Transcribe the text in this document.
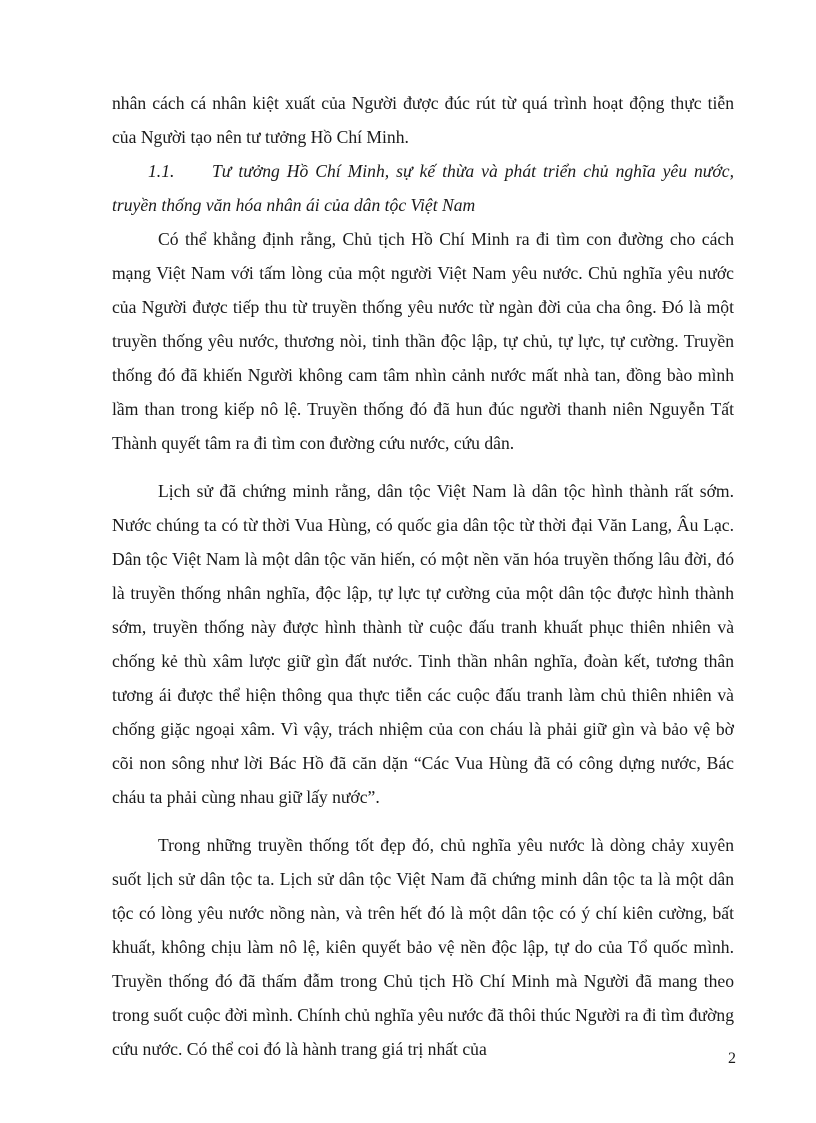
nhân cách cá nhân kiệt xuất của Người được đúc rút từ quá trình hoạt động thực tiễn của Người tạo nên tư tưởng Hồ Chí Minh.

1.1. Tư tưởng Hồ Chí Minh, sự kế thừa và phát triển chủ nghĩa yêu nước, truyền thống văn hóa nhân ái của dân tộc Việt Nam

Có thể khẳng định rằng, Chủ tịch Hồ Chí Minh ra đi tìm con đường cho cách mạng Việt Nam với tấm lòng của một người Việt Nam yêu nước. Chủ nghĩa yêu nước của Người được tiếp thu từ truyền thống yêu nước từ ngàn đời của cha ông. Đó là một truyền thống yêu nước, thương nòi, tinh thần độc lập, tự chủ, tự lực, tự cường. Truyền thống đó đã khiến Người không cam tâm nhìn cảnh nước mất nhà tan, đồng bào mình lầm than trong kiếp nô lệ. Truyền thống đó đã hun đúc người thanh niên Nguyễn Tất Thành quyết tâm ra đi tìm con đường cứu nước, cứu dân.

Lịch sử đã chứng minh rằng, dân tộc Việt Nam là dân tộc hình thành rất sớm. Nước chúng ta có từ thời Vua Hùng, có quốc gia dân tộc từ thời đại Văn Lang, Âu Lạc. Dân tộc Việt Nam là một dân tộc văn hiến, có một nền văn hóa truyền thống lâu đời, đó là truyền thống nhân nghĩa, độc lập, tự lực tự cường của một dân tộc được hình thành sớm, truyền thống này được hình thành từ cuộc đấu tranh khuất phục thiên nhiên và chống kẻ thù xâm lược giữ gìn đất nước. Tinh thần nhân nghĩa, đoàn kết, tương thân tương ái được thể hiện thông qua thực tiễn các cuộc đấu tranh làm chủ thiên nhiên và chống giặc ngoại xâm. Vì vậy, trách nhiệm của con cháu là phải giữ gìn và bảo vệ bờ cõi non sông như lời Bác Hồ đã căn dặn “Các Vua Hùng đã có công dựng nước, Bác cháu ta phải cùng nhau giữ lấy nước”.

Trong những truyền thống tốt đẹp đó, chủ nghĩa yêu nước là dòng chảy xuyên suốt lịch sử dân tộc ta. Lịch sử dân tộc Việt Nam đã chứng minh dân tộc ta là một dân tộc có lòng yêu nước nồng nàn, và trên hết đó là một dân tộc có ý chí kiên cường, bất khuất, không chịu làm nô lệ, kiên quyết bảo vệ nền độc lập, tự do của Tổ quốc mình. Truyền thống đó đã thấm đẫm trong Chủ tịch Hồ Chí Minh mà Người đã mang theo trong suốt cuộc đời mình. Chính chủ nghĩa yêu nước đã thôi thúc Người ra đi tìm đường cứu nước. Có thể coi đó là hành trang giá trị nhất của	2
